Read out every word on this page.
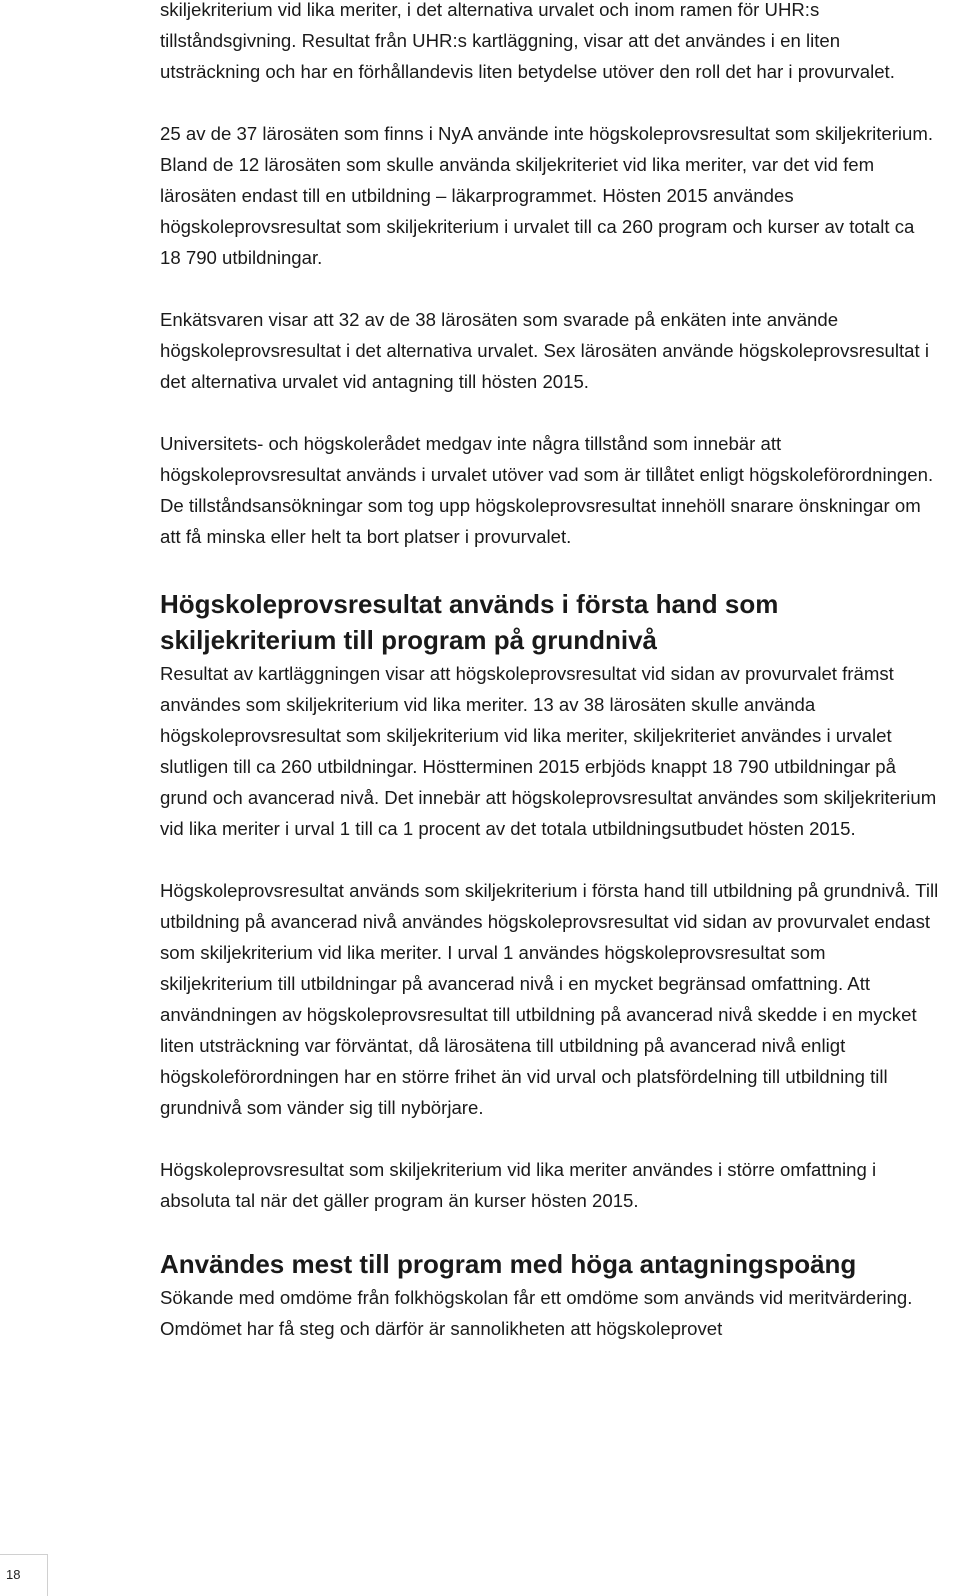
skiljekriterium vid lika meriter, i det alternativa urvalet och inom ramen för UHR:s tillståndsgivning. Resultat från UHR:s kartläggning, visar att det användes i en liten utsträckning och har en förhållandevis liten betydelse utöver den roll det har i provurvalet.

25 av de 37 lärosäten som finns i NyA använde inte högskoleprovsresultat som skiljekriterium. Bland de 12 lärosäten som skulle använda skiljekriteriet vid lika meriter, var det vid fem lärosäten endast till en utbildning – läkarprogrammet. Hösten 2015 användes högskoleprovsresultat som skiljekriterium i urvalet till ca 260 program och kurser av totalt ca 18 790 utbildningar.

Enkätsvaren visar att 32 av de 38 lärosäten som svarade på enkäten inte använde högskoleprovsresultat i det alternativa urvalet. Sex lärosäten använde högskoleprovsresultat i det alternativa urvalet vid antagning till hösten 2015.

Universitets- och högskolerådet medgav inte några tillstånd som innebär att högskoleprovsresultat används i urvalet utöver vad som är tillåtet enligt högskoleförordningen. De tillståndsansökningar som tog upp högskoleprovsresultat innehöll snarare önskningar om att få minska eller helt ta bort platser i provurvalet.

Högskoleprovsresultat används i första hand som skiljekriterium till program på grundnivå

Resultat av kartläggningen visar att högskoleprovsresultat vid sidan av provurvalet främst användes som skiljekriterium vid lika meriter. 13 av 38 lärosäten skulle använda högskoleprovsresultat som skiljekriterium vid lika meriter, skiljekriteriet användes i urvalet slutligen till ca 260 utbildningar. Höstterminen 2015 erbjöds knappt 18 790 utbildningar på grund och avancerad nivå. Det innebär att högskoleprovsresultat användes som skiljekriterium vid lika meriter i urval 1 till ca 1 procent av det totala utbildningsutbudet hösten 2015.

Högskoleprovsresultat används som skiljekriterium i första hand till utbildning på grundnivå. Till utbildning på avancerad nivå användes högskoleprovsresultat vid sidan av provurvalet endast som skiljekriterium vid lika meriter. I urval 1 användes högskoleprovsresultat som skiljekriterium till utbildningar på avancerad nivå i en mycket begränsad omfattning. Att användningen av högskoleprovsresultat till utbildning på avancerad nivå skedde i en mycket liten utsträckning var förväntat, då lärosätena till utbildning på avancerad nivå enligt högskoleförordningen har en större frihet än vid urval och platsfördelning till utbildning till grundnivå som vänder sig till nybörjare.

Högskoleprovsresultat som skiljekriterium vid lika meriter användes i större omfattning i absoluta tal när det gäller program än kurser hösten 2015.

Användes mest till program med höga antagningspoäng

Sökande med omdöme från folkhögskolan får ett omdöme som används vid meritvärdering. Omdömet har få steg och därför är sannolikheten att högskoleprovet

18
